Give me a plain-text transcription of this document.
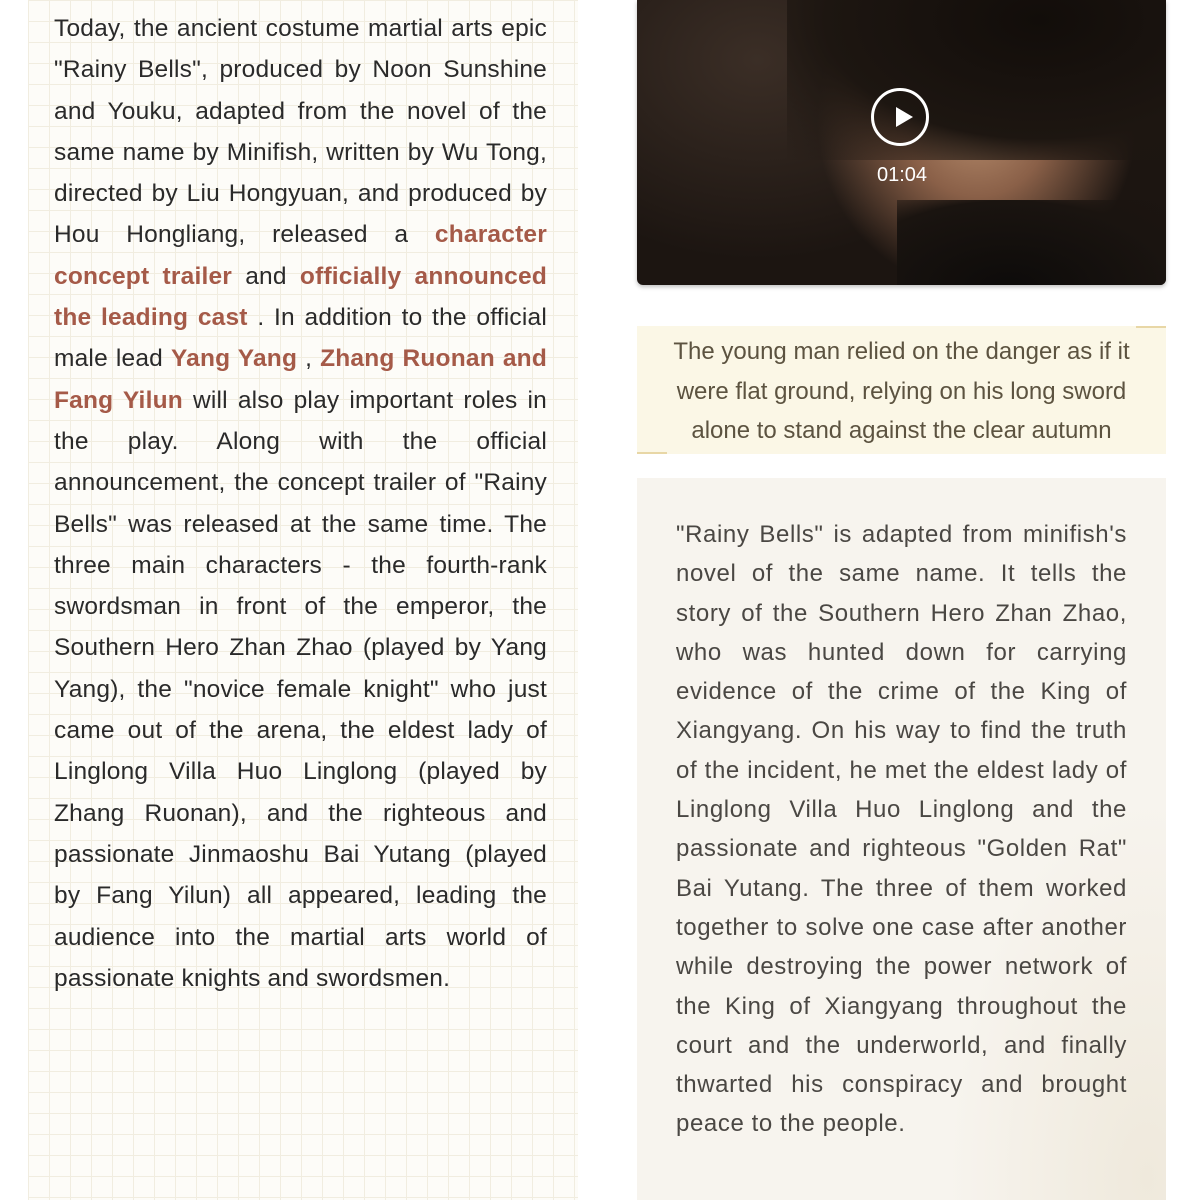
Today, the ancient costume martial arts epic "Rainy Bells", produced by Noon Sunshine and Youku, adapted from the novel of the same name by Minifish, written by Wu Tong, directed by Liu Hongyuan, and produced by Hou Hongliang, released a character concept trailer and officially announced the leading cast . In addition to the official male lead Yang Yang , Zhang Ruonan and Fang Yilun will also play important roles in the play. Along with the official announcement, the concept trailer of "Rainy Bells" was released at the same time. The three main characters - the fourth-rank swordsman in front of the emperor, the Southern Hero Zhan Zhao (played by Yang Yang), the "novice female knight" who just came out of the arena, the eldest lady of Linglong Villa Huo Linglong (played by Zhang Ruonan), and the righteous and passionate Jinmaoshu Bai Yutang (played by Fang Yilun) all appeared, leading the audience into the martial arts world of passionate knights and swordsmen.

01:04

The young man relied on the danger as if it were flat ground, relying on his long sword alone to stand against the clear autumn

"Rainy Bells" is adapted from minifish's novel of the same name. It tells the story of the Southern Hero Zhan Zhao, who was hunted down for carrying evidence of the crime of the King of Xiangyang. On his way to find the truth of the incident, he met the eldest lady of Linglong Villa Huo Linglong and the passionate and righteous "Golden Rat" Bai Yutang. The three of them worked together to solve one case after another while destroying the power network of the King of Xiangyang throughout the court and the underworld, and finally thwarted his conspiracy and brought peace to the people.
